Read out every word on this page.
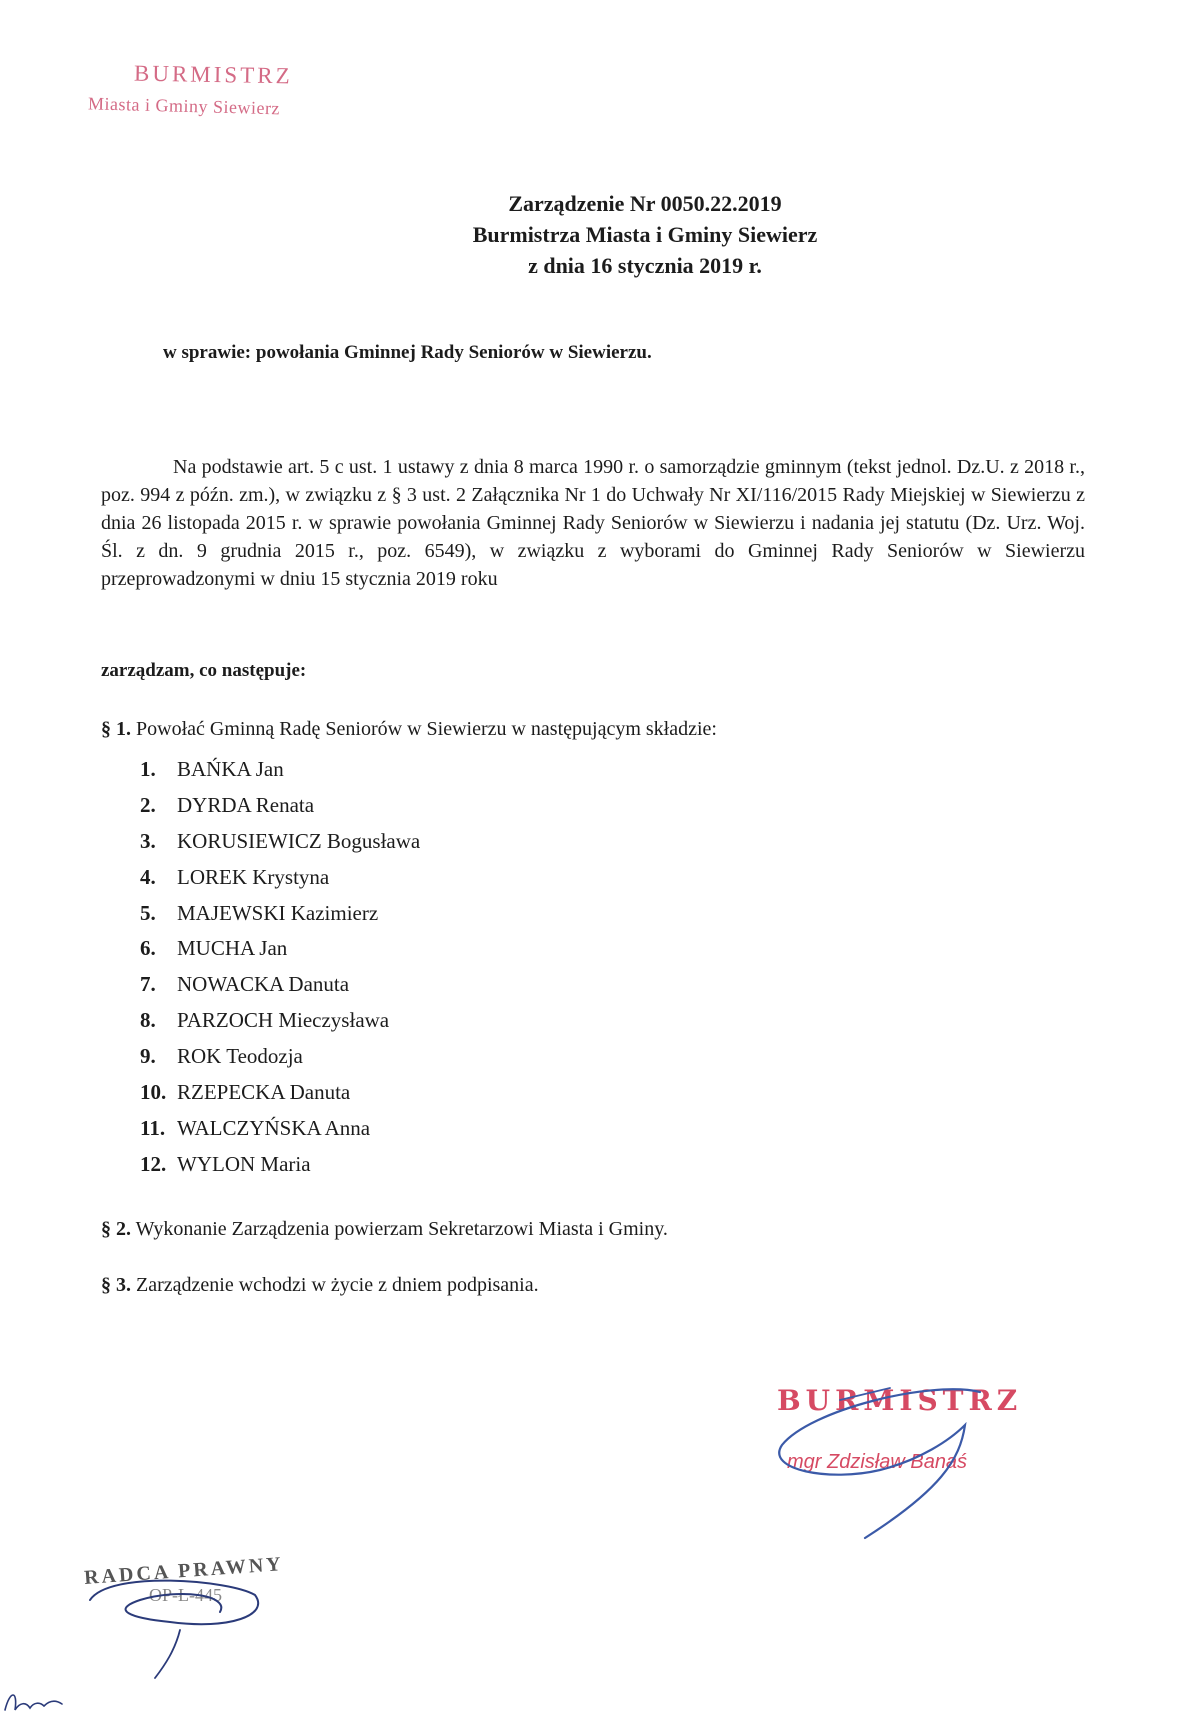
BURMISTRZ
Miasta i Gminy Siewierz
Zarządzenie Nr 0050.22.2019
Burmistrza Miasta i Gminy Siewierz
z dnia 16 stycznia 2019 r.
w sprawie: powołania Gminnej Rady Seniorów w Siewierzu.
Na podstawie art. 5 c ust. 1 ustawy z dnia 8 marca 1990 r. o samorządzie gminnym (tekst jednol. Dz.U. z 2018 r., poz. 994 z późn. zm.), w związku z § 3 ust. 2 Załącznika Nr 1 do Uchwały Nr XI/116/2015 Rady Miejskiej w Siewierzu z dnia 26 listopada 2015 r. w sprawie powołania Gminnej Rady Seniorów w Siewierzu i nadania jej statutu (Dz. Urz. Woj. Śl. z dn. 9 grudnia 2015 r., poz. 6549), w związku z wyborami do Gminnej Rady Seniorów w Siewierzu przeprowadzonymi w dniu 15 stycznia 2019 roku
zarządzam, co następuje:
§ 1. Powołać Gminną Radę Seniorów w Siewierzu w następującym składzie:
1. BAŃKA Jan
2. DYRDA Renata
3. KORUSIEWICZ Bogusława
4. LOREK Krystyna
5. MAJEWSKI Kazimierz
6. MUCHA Jan
7. NOWACKA Danuta
8. PARZOCH Mieczysława
9. ROK Teodozja
10. RZEPECKA Danuta
11. WALCZYŃSKA Anna
12. WYLON Maria
§ 2. Wykonanie Zarządzenia powierzam Sekretarzowi Miasta i Gminy.
§ 3. Zarządzenie wchodzi w życie z dniem podpisania.
BURMISTRZ
mgr Zdzisław Banaś
RADCA PRAWNY
OP-Ł-445
